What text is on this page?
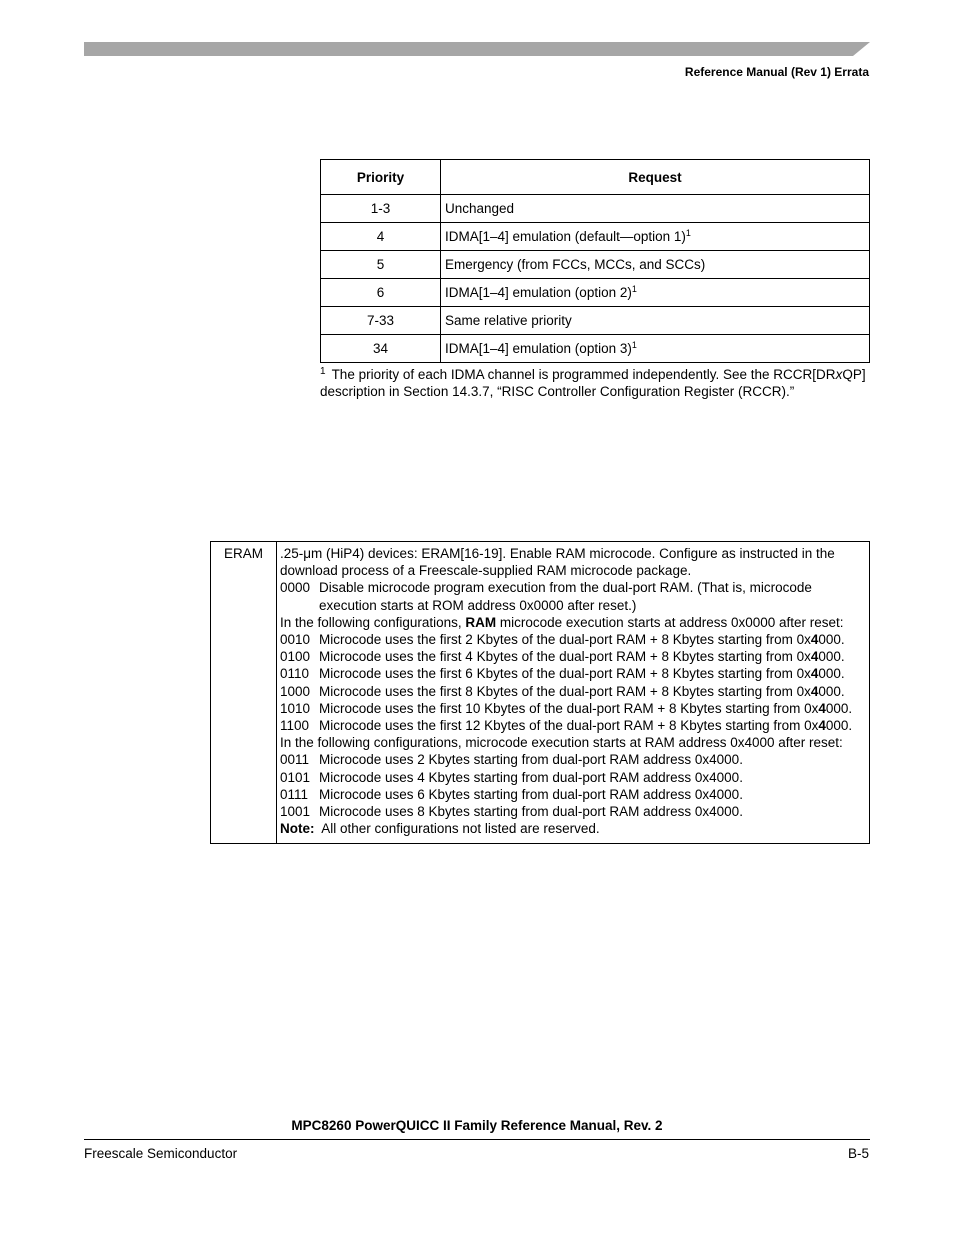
Reference Manual (Rev 1) Errata
Priority	Request
1-3	Unchanged
4	IDMA[1–4] emulation (default—option 1)$^1$
5	Emergency (from FCCs, MCCs, and SCCs)
6	IDMA[1–4] emulation (option 2)$^1$
7-33	Same relative priority
34	IDMA[1–4] emulation (option 3)$^1$
$^1$ The priority of each IDMA channel is programmed independently. See the RCCR[DRxQP] description in Section 14.3.7, “RISC Controller Configuration Register (RCCR).”
ERAM	.25-μm (HiP4) devices: ERAM[16-19]. Enable RAM microcode. Configure as instructed in the download process of a Freescale-supplied RAM microcode package.
0000 Disable microcode program execution from the dual-port RAM. (That is, microcode execution starts at ROM address 0x0000 after reset.)
In the following configurations, RAM microcode execution starts at address 0x0000 after reset:
0010 Microcode uses the first 2 Kbytes of the dual-port RAM + 8 Kbytes starting from 0x4000.
0100 Microcode uses the first 4 Kbytes of the dual-port RAM + 8 Kbytes starting from 0x4000.
0110 Microcode uses the first 6 Kbytes of the dual-port RAM + 8 Kbytes starting from 0x4000.
1000 Microcode uses the first 8 Kbytes of the dual-port RAM + 8 Kbytes starting from 0x4000.
1010 Microcode uses the first 10 Kbytes of the dual-port RAM + 8 Kbytes starting from 0x4000.
1100 Microcode uses the first 12 Kbytes of the dual-port RAM + 8 Kbytes starting from 0x4000.
In the following configurations, microcode execution starts at RAM address 0x4000 after reset:
0011 Microcode uses 2 Kbytes starting from dual-port RAM address 0x4000.
0101 Microcode uses 4 Kbytes starting from dual-port RAM address 0x4000.
0111 Microcode uses 6 Kbytes starting from dual-port RAM address 0x4000.
1001 Microcode uses 8 Kbytes starting from dual-port RAM address 0x4000.
Note: All other configurations not listed are reserved.
MPC8260 PowerQUICC II Family Reference Manual, Rev. 2
Freescale Semiconductor	B-5
